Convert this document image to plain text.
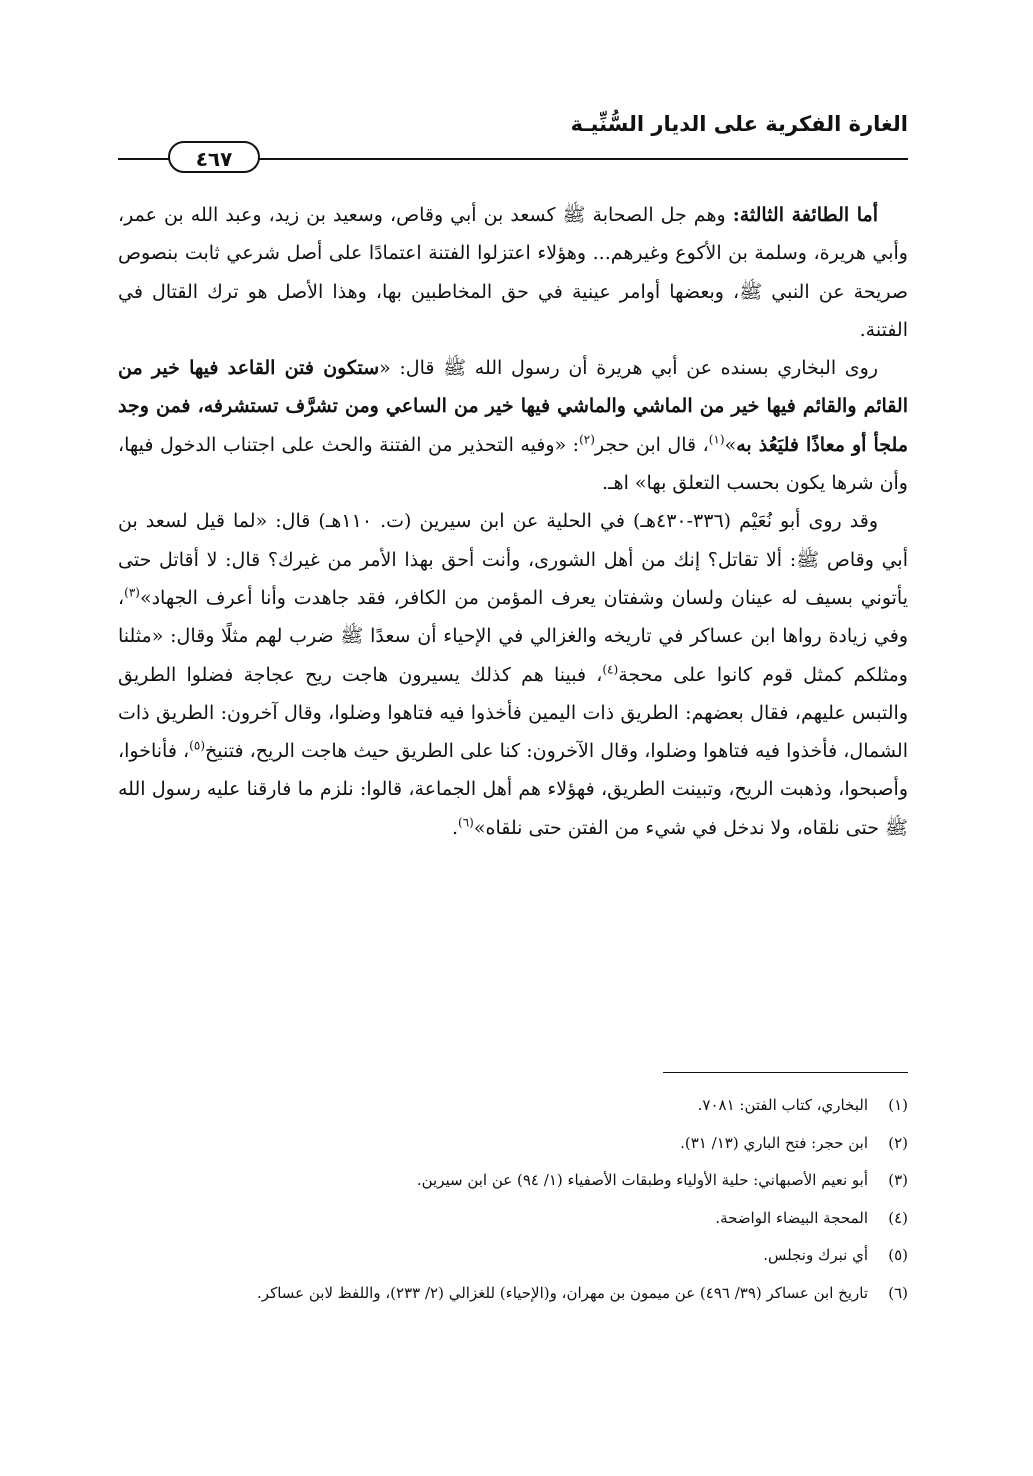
الغارة الفكرية على الديار السُّنِّيـة
٤٦٧

أما الطائفة الثالثة: وهم جل الصحابة ﷺ كسعد بن أبي وقاص، وسعيد بن زيد، وعبد الله بن عمر، وأبي هريرة، وسلمة بن الأكوع وغيرهم... وهؤلاء اعتزلوا الفتنة اعتمادًا على أصل شرعي ثابت بنصوص صريحة عن النبي ﷺ، وبعضها أوامر عينية في حق المخاطبين بها، وهذا الأصل هو ترك القتال في الفتنة.

روى البخاري بسنده عن أبي هريرة أن رسول الله ﷺ قال: «ستكون فتن القاعد فيها خير من القائم والقائم فيها خير من الماشي والماشي فيها خير من الساعي ومن تشرَّف تستشرفه، فمن وجد ملجأ أو معاذًا فليَعُذ به»$^{(١)}$، قال ابن حجر$^{(٢)}$: «وفيه التحذير من الفتنة والحث على اجتناب الدخول فيها، وأن شرها يكون بحسب التعلق بها» اهـ.

وقد روى أبو نُعَيْم (٣٣٦-٤٣٠هـ) في الحلية عن ابن سيرين (ت. ١١٠هـ) قال: «لما قيل لسعد بن أبي وقاص ﷺ: ألا تقاتل؟ إنك من أهل الشورى، وأنت أحق بهذا الأمر من غيرك؟ قال: لا أقاتل حتى يأتوني بسيف له عينان ولسان وشفتان يعرف المؤمن من الكافر، فقد جاهدت وأنا أعرف الجهاد»$^{(٣)}$، وفي زيادة رواها ابن عساكر في تاريخه والغزالي في الإحياء أن سعدًا ﷺ ضرب لهم مثلًا وقال: «مثلنا ومثلكم كمثل قوم كانوا على محجة$^{(٤)}$، فبينا هم كذلك يسيرون هاجت ريح عجاجة فضلوا الطريق والتبس عليهم، فقال بعضهم: الطريق ذات اليمين فأخذوا فيه فتاهوا وضلوا، وقال آخرون: الطريق ذات الشمال، فأخذوا فيه فتاهوا وضلوا، وقال الآخرون: كنا على الطريق حيث هاجت الريح، فتنيخ$^{(٥)}$، فأناخوا، وأصبحوا، وذهبت الريح، وتبينت الطريق، فهؤلاء هم أهل الجماعة، قالوا: نلزم ما فارقنا عليه رسول الله ﷺ حتى نلقاه، ولا ندخل في شيء من الفتن حتى نلقاه»$^{(٦)}$.

(١)البخاري، كتاب الفتن: ٧٠٨١.
(٢)ابن حجر: فتح الباري (١٣/ ٣١).
(٣)أبو نعيم الأصبهاني: حلية الأولياء وطبقات الأصفياء (١/ ٩٤) عن ابن سيرين.
(٤)المحجة البيضاء الواضحة.
(٥)أي نبرك ونجلس.
(٦)تاريخ ابن عساكر (٣٩/ ٤٩٦) عن ميمون بن مهران، و(الإحياء) للغزالي (٢/ ٢٣٣)، واللفظ لابن عساكر.
